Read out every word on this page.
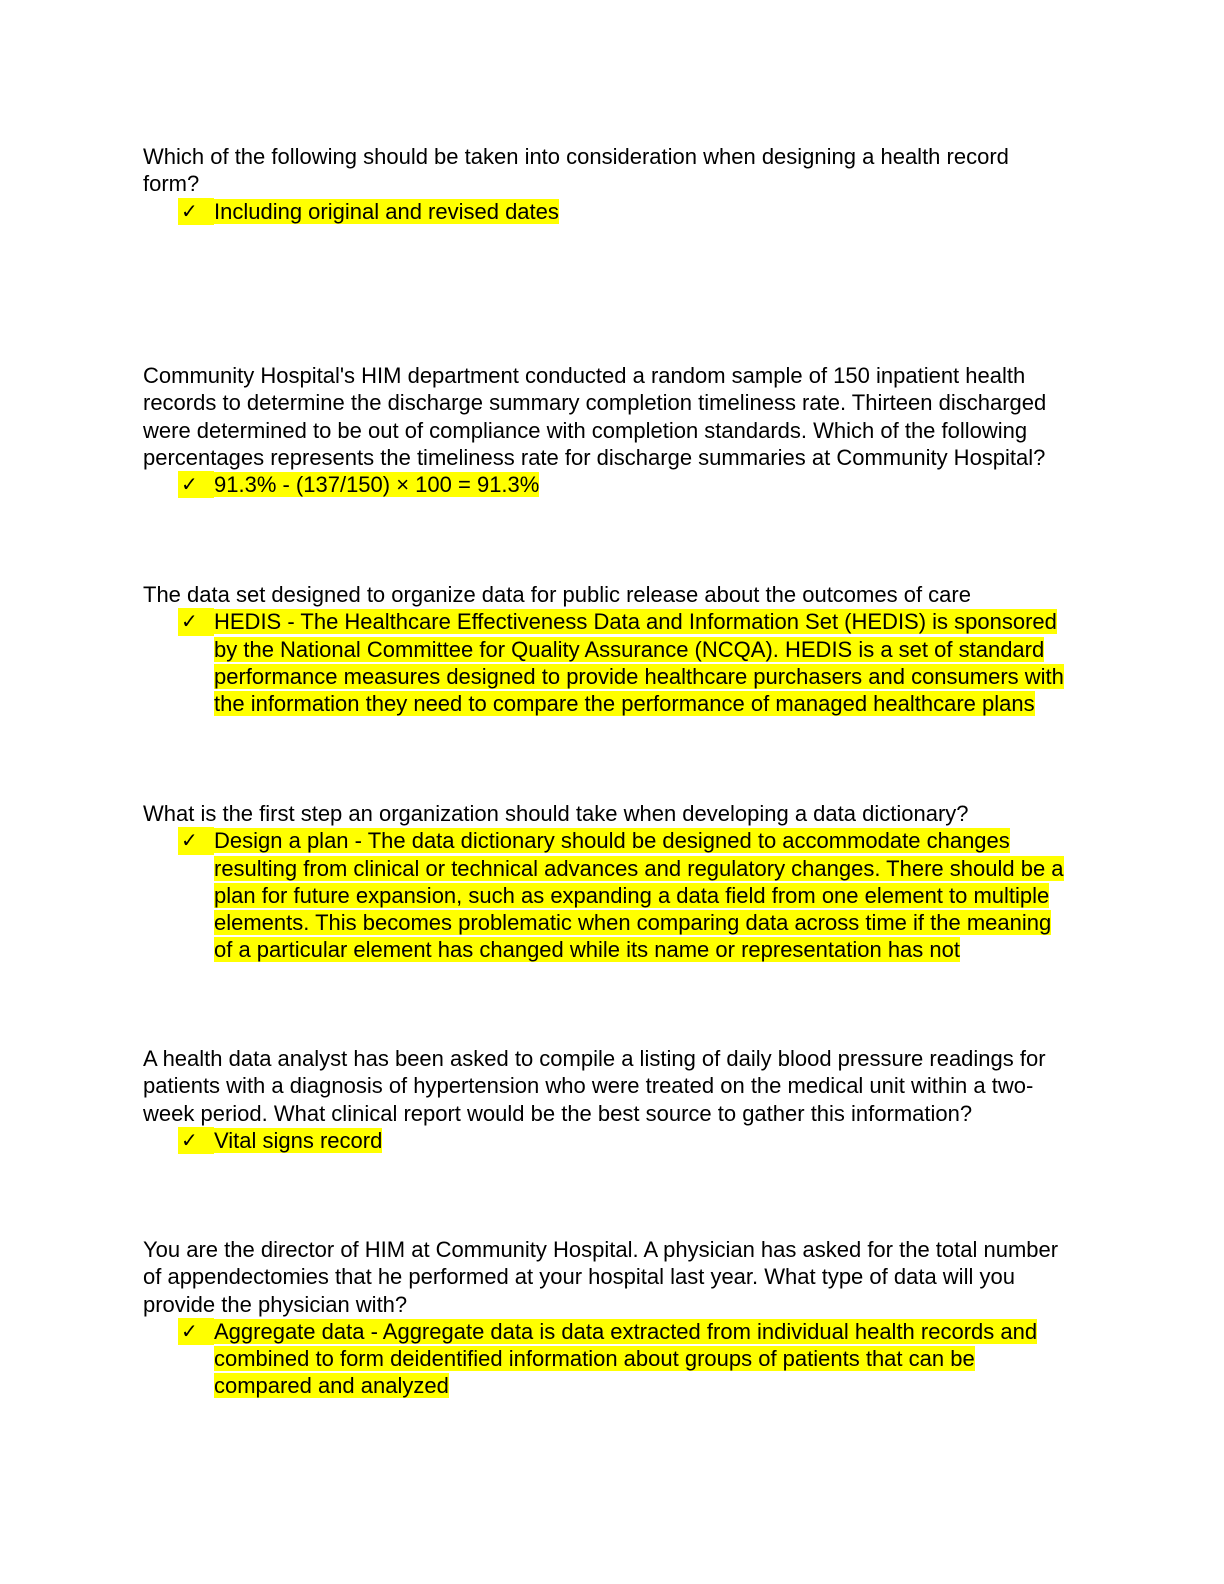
Which of the following should be taken into consideration when designing a health record form?

✓ Including original and revised dates

Community Hospital's HIM department conducted a random sample of 150 inpatient health records to determine the discharge summary completion timeliness rate. Thirteen discharged were determined to be out of compliance with completion standards. Which of the following percentages represents the timeliness rate for discharge summaries at Community Hospital?

✓ 91.3% - (137/150) × 100 = 91.3%

The data set designed to organize data for public release about the outcomes of care

✓ HEDIS - The Healthcare Effectiveness Data and Information Set (HEDIS) is sponsored by the National Committee for Quality Assurance (NCQA). HEDIS is a set of standard performance measures designed to provide healthcare purchasers and consumers with the information they need to compare the performance of managed healthcare plans

What is the first step an organization should take when developing a data dictionary?

✓ Design a plan - The data dictionary should be designed to accommodate changes resulting from clinical or technical advances and regulatory changes. There should be a plan for future expansion, such as expanding a data field from one element to multiple elements. This becomes problematic when comparing data across time if the meaning of a particular element has changed while its name or representation has not

A health data analyst has been asked to compile a listing of daily blood pressure readings for patients with a diagnosis of hypertension who were treated on the medical unit within a two-week period. What clinical report would be the best source to gather this information?

✓ Vital signs record

You are the director of HIM at Community Hospital. A physician has asked for the total number of appendectomies that he performed at your hospital last year. What type of data will you provide the physician with?

✓ Aggregate data - Aggregate data is data extracted from individual health records and combined to form deidentified information about groups of patients that can be compared and analyzed
